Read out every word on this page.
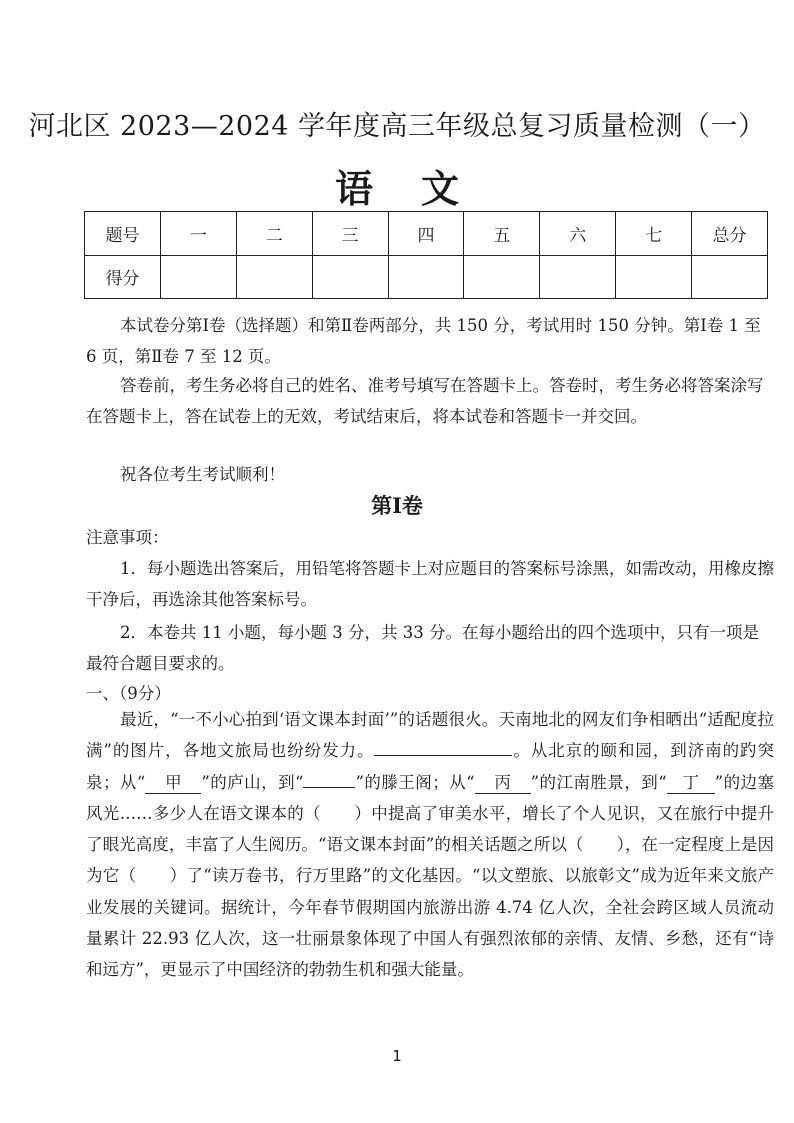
河北区 2023—2024 学年度高三年级总复习质量检测（一）
语文
题号	一	二	三	四	五	六	七	总分
得分								
本试卷分第Ⅰ卷（选择题）和第Ⅱ卷两部分，共 150 分，考试用时 150 分钟。第Ⅰ卷 1 至 6 页，第Ⅱ卷 7 至 12 页。
答卷前，考生务必将自己的姓名、准考号填写在答题卡上。答卷时，考生务必将答案涂写在答题卡上，答在试卷上的无效，考试结束后，将本试卷和答题卡一并交回。
祝各位考生考试顺利！
第Ⅰ卷
注意事项：
1．每小题选出答案后，用铅笔将答题卡上对应题目的答案标号涂黑，如需改动，用橡皮擦干净后，再选涂其他答案标号。
2．本卷共 11 小题，每小题 3 分，共 33 分。在每小题给出的四个选项中，只有一项是最符合题目要求的。
一、（9分）
最近，“一不小心拍到‘语文课本封面’”的话题很火。天南地北的网友们争相晒出“适配度拉满”的图片，各地文旅局也纷纷发力。	。从北京的颐和园，到济南的趵突泉；从“ 甲 ”的庐山，到“	”的滕王阁；从“ 丙 ”的江南胜景，到“ 丁 ”的边塞风光……多少人在语文课本的（　　）中提高了审美水平，增长了个人见识，又在旅行中提升了眼光高度，丰富了人生阅历。“语文课本封面”的相关话题之所以（　　），在一定程度上是因为它（　　）了“读万卷书，行万里路”的文化基因。“以文塑旅、以旅彰文”成为近年来文旅产业发展的关键词。据统计，今年春节假期国内旅游出游 4.74 亿人次，全社会跨区域人员流动量累计 22.93 亿人次，这一壮丽景象体现了中国人有强烈浓郁的亲情、友情、乡愁，还有“诗和远方”，更显示了中国经济的勃勃生机和强大能量。
1
